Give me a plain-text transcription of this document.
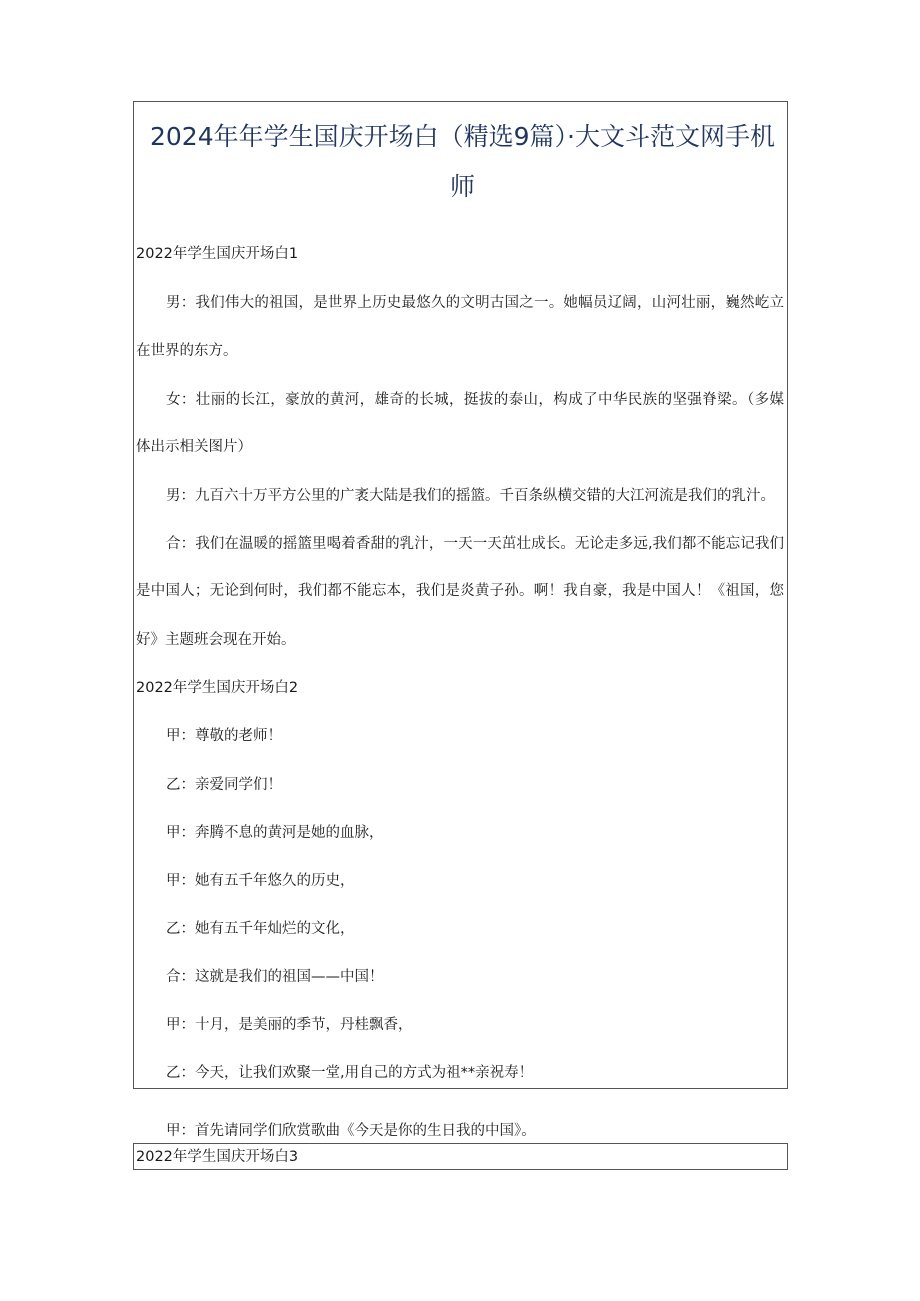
2024年年学生国庆开场白（精选9篇）·大文斗范文网手机师
2022年学生国庆开场白1
男：我们伟大的祖国，是世界上历史最悠久的文明古国之一。她幅员辽阔，山河壮丽，巍然屹立
在世界的东方。
女：壮丽的长江，豪放的黄河，雄奇的长城，挺拔的泰山，构成了中华民族的坚强脊梁。（多媒
体出示相关图片）
男：九百六十万平方公里的广袤大陆是我们的摇篮。千百条纵横交错的大江河流是我们的乳汁。
合：我们在温暖的摇篮里喝着香甜的乳汁，一天一天茁壮成长。无论走多远,我们都不能忘记我们
是中国人；无论到何时，我们都不能忘本，我们是炎黄子孙。啊！我自豪，我是中国人！《祖国，您
好》主题班会现在开始。
2022年学生国庆开场白2
甲：尊敬的老师！
乙：亲爱同学们！
甲：奔腾不息的黄河是她的血脉，
甲：她有五千年悠久的历史，
乙：她有五千年灿烂的文化，
合：这就是我们的祖国——中国！
甲：十月，是美丽的季节，丹桂飘香，
乙：今天，让我们欢聚一堂,用自己的方式为祖**亲祝寿！
甲：首先请同学们欣赏歌曲《今天是你的生日我的中国》。
2022年学生国庆开场白3
